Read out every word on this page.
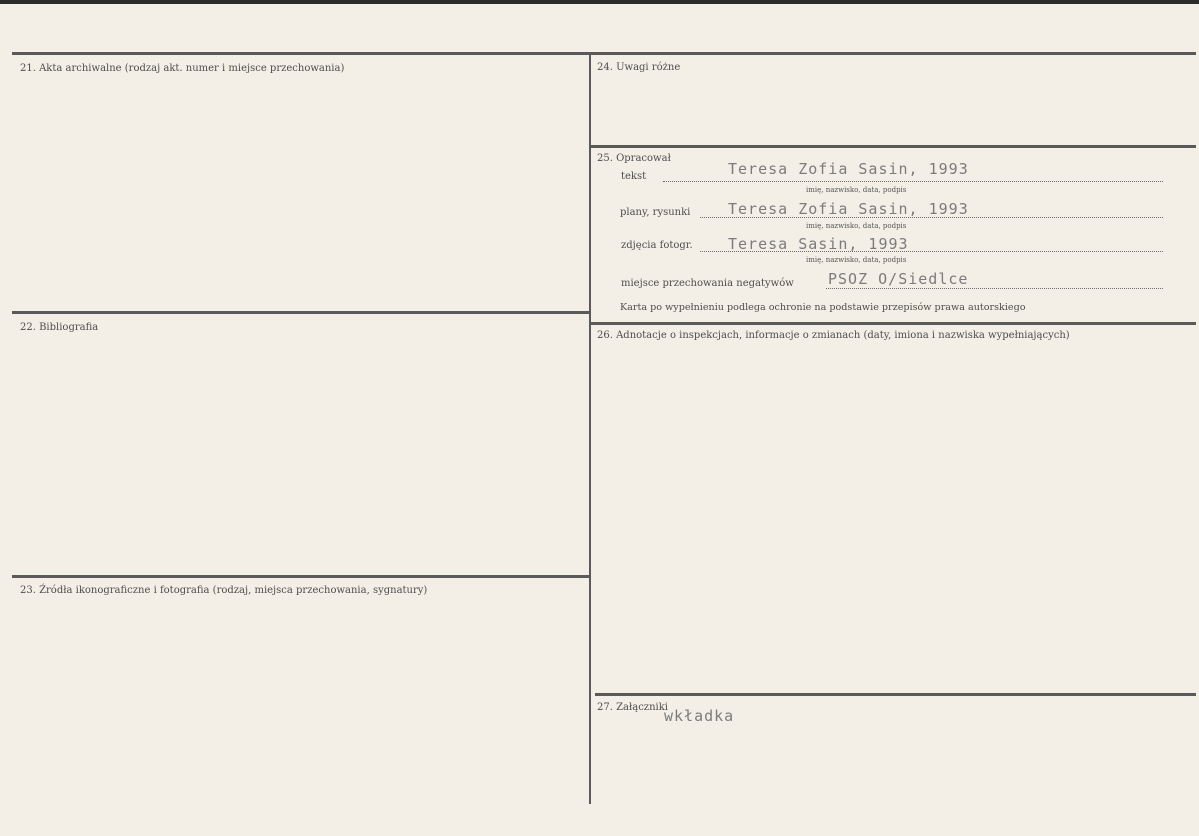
21. Akta archiwalne (rodzaj akt. numer i miejsce przechowania)
22. Bibliografia
23. Źródła ikonograficzne i fotografia (rodzaj, miejsca przechowania, sygnatury)
24. Uwagi różne
25. Opracował
tekst	Teresa Zofia Sasin, 1993
imię, nazwisko, data, podpis
plany, rysunki	Teresa Zofia Sasin, 1993
imię, nazwisko, data, podpis
zdjęcia fotogr. Teresa Sasin, 1993
imię, nazwisko, data, podpis
miejsce przechowania negatywów PSOZ O/Siedlce
Karta po wypełnieniu podlega ochronie na podstawie przepisów prawa autorskiego
26. Adnotacje o inspekcjach, informacje o zmianach (daty, imiona i nazwiska wypełniających)
27. Załączniki
wkładka
